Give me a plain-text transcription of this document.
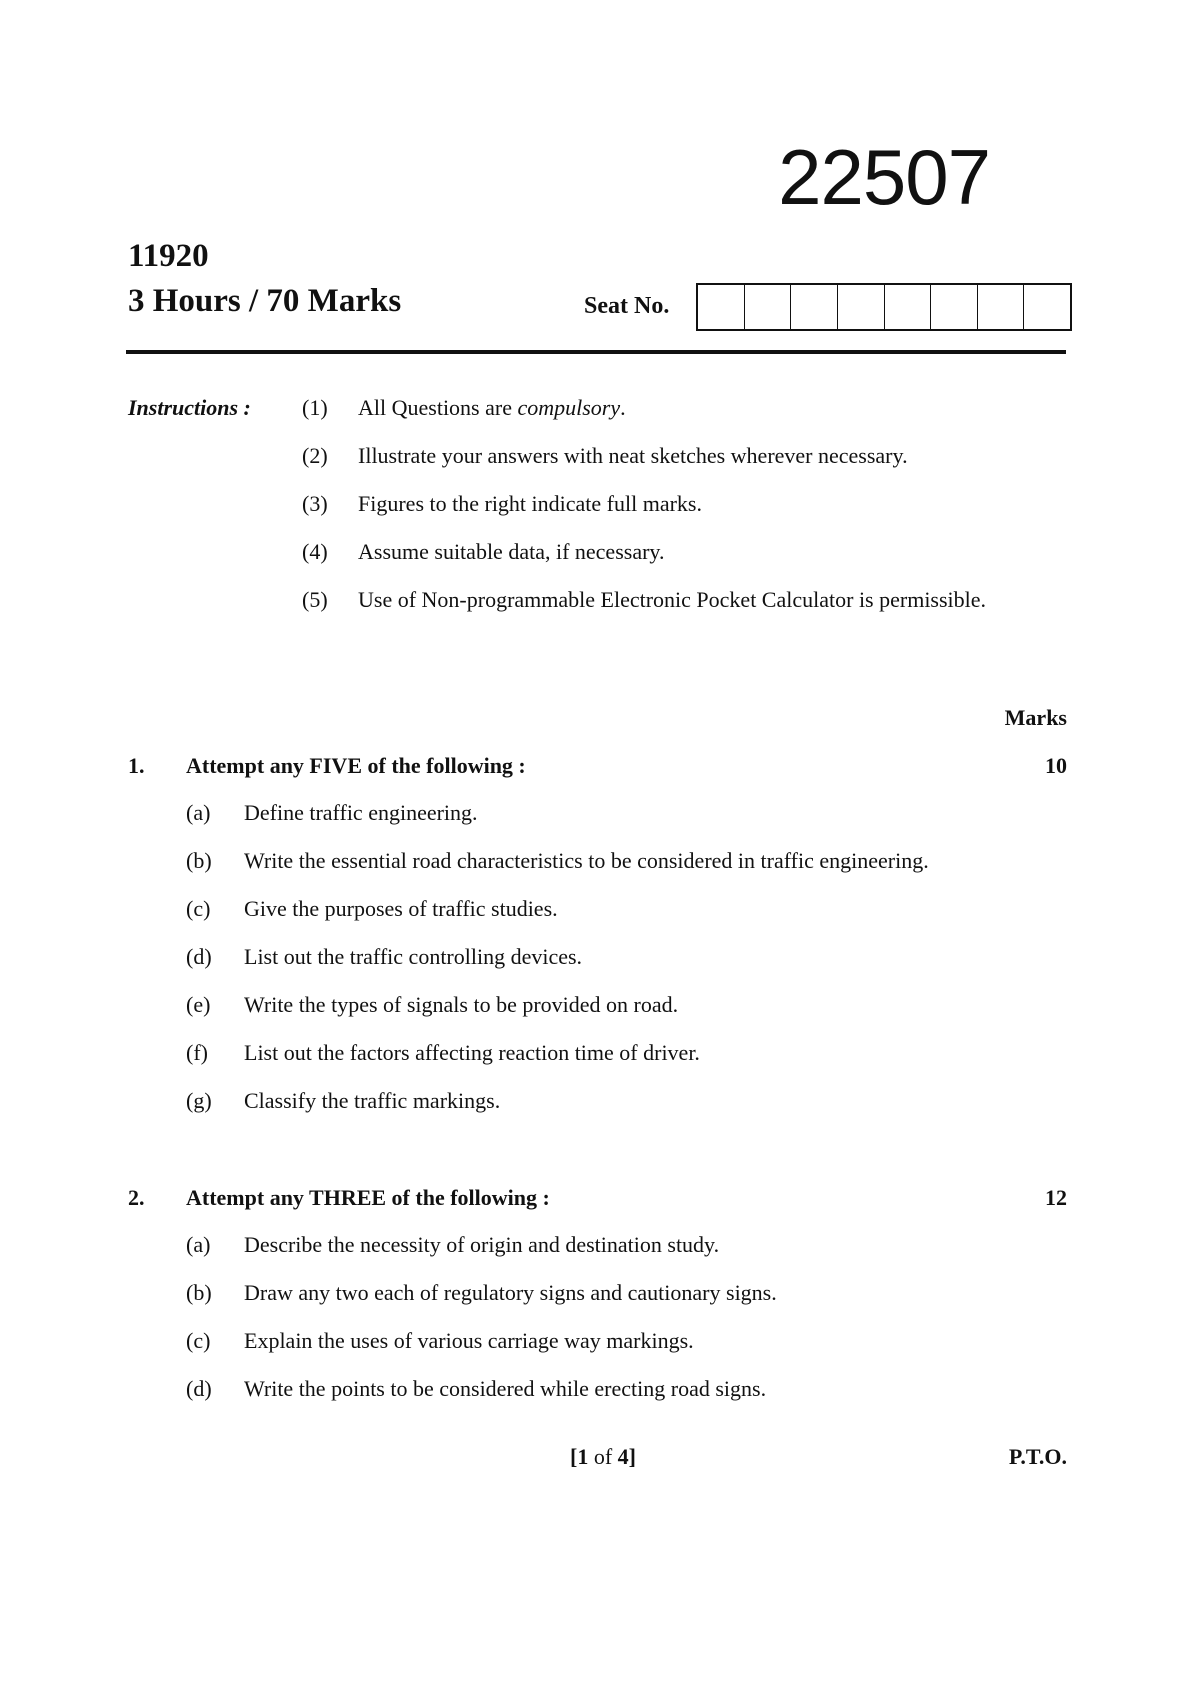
22507
11920
3 Hours / 70 Marks	Seat No.
Instructions : (1) All Questions are compulsory.
(2) Illustrate your answers with neat sketches wherever necessary.
(3) Figures to the right indicate full marks.
(4) Assume suitable data, if necessary.
(5) Use of Non-programmable Electronic Pocket Calculator is permissible.
Marks
1. Attempt any FIVE of the following :	10
(a) Define traffic engineering.
(b) Write the essential road characteristics to be considered in traffic engineering.
(c) Give the purposes of traffic studies.
(d) List out the traffic controlling devices.
(e) Write the types of signals to be provided on road.
(f) List out the factors affecting reaction time of driver.
(g) Classify the traffic markings.
2. Attempt any THREE of the following :	12
(a) Describe the necessity of origin and destination study.
(b) Draw any two each of regulatory signs and cautionary signs.
(c) Explain the uses of various carriage way markings.
(d) Write the points to be considered while erecting road signs.
[1 of 4]	P.T.O.
